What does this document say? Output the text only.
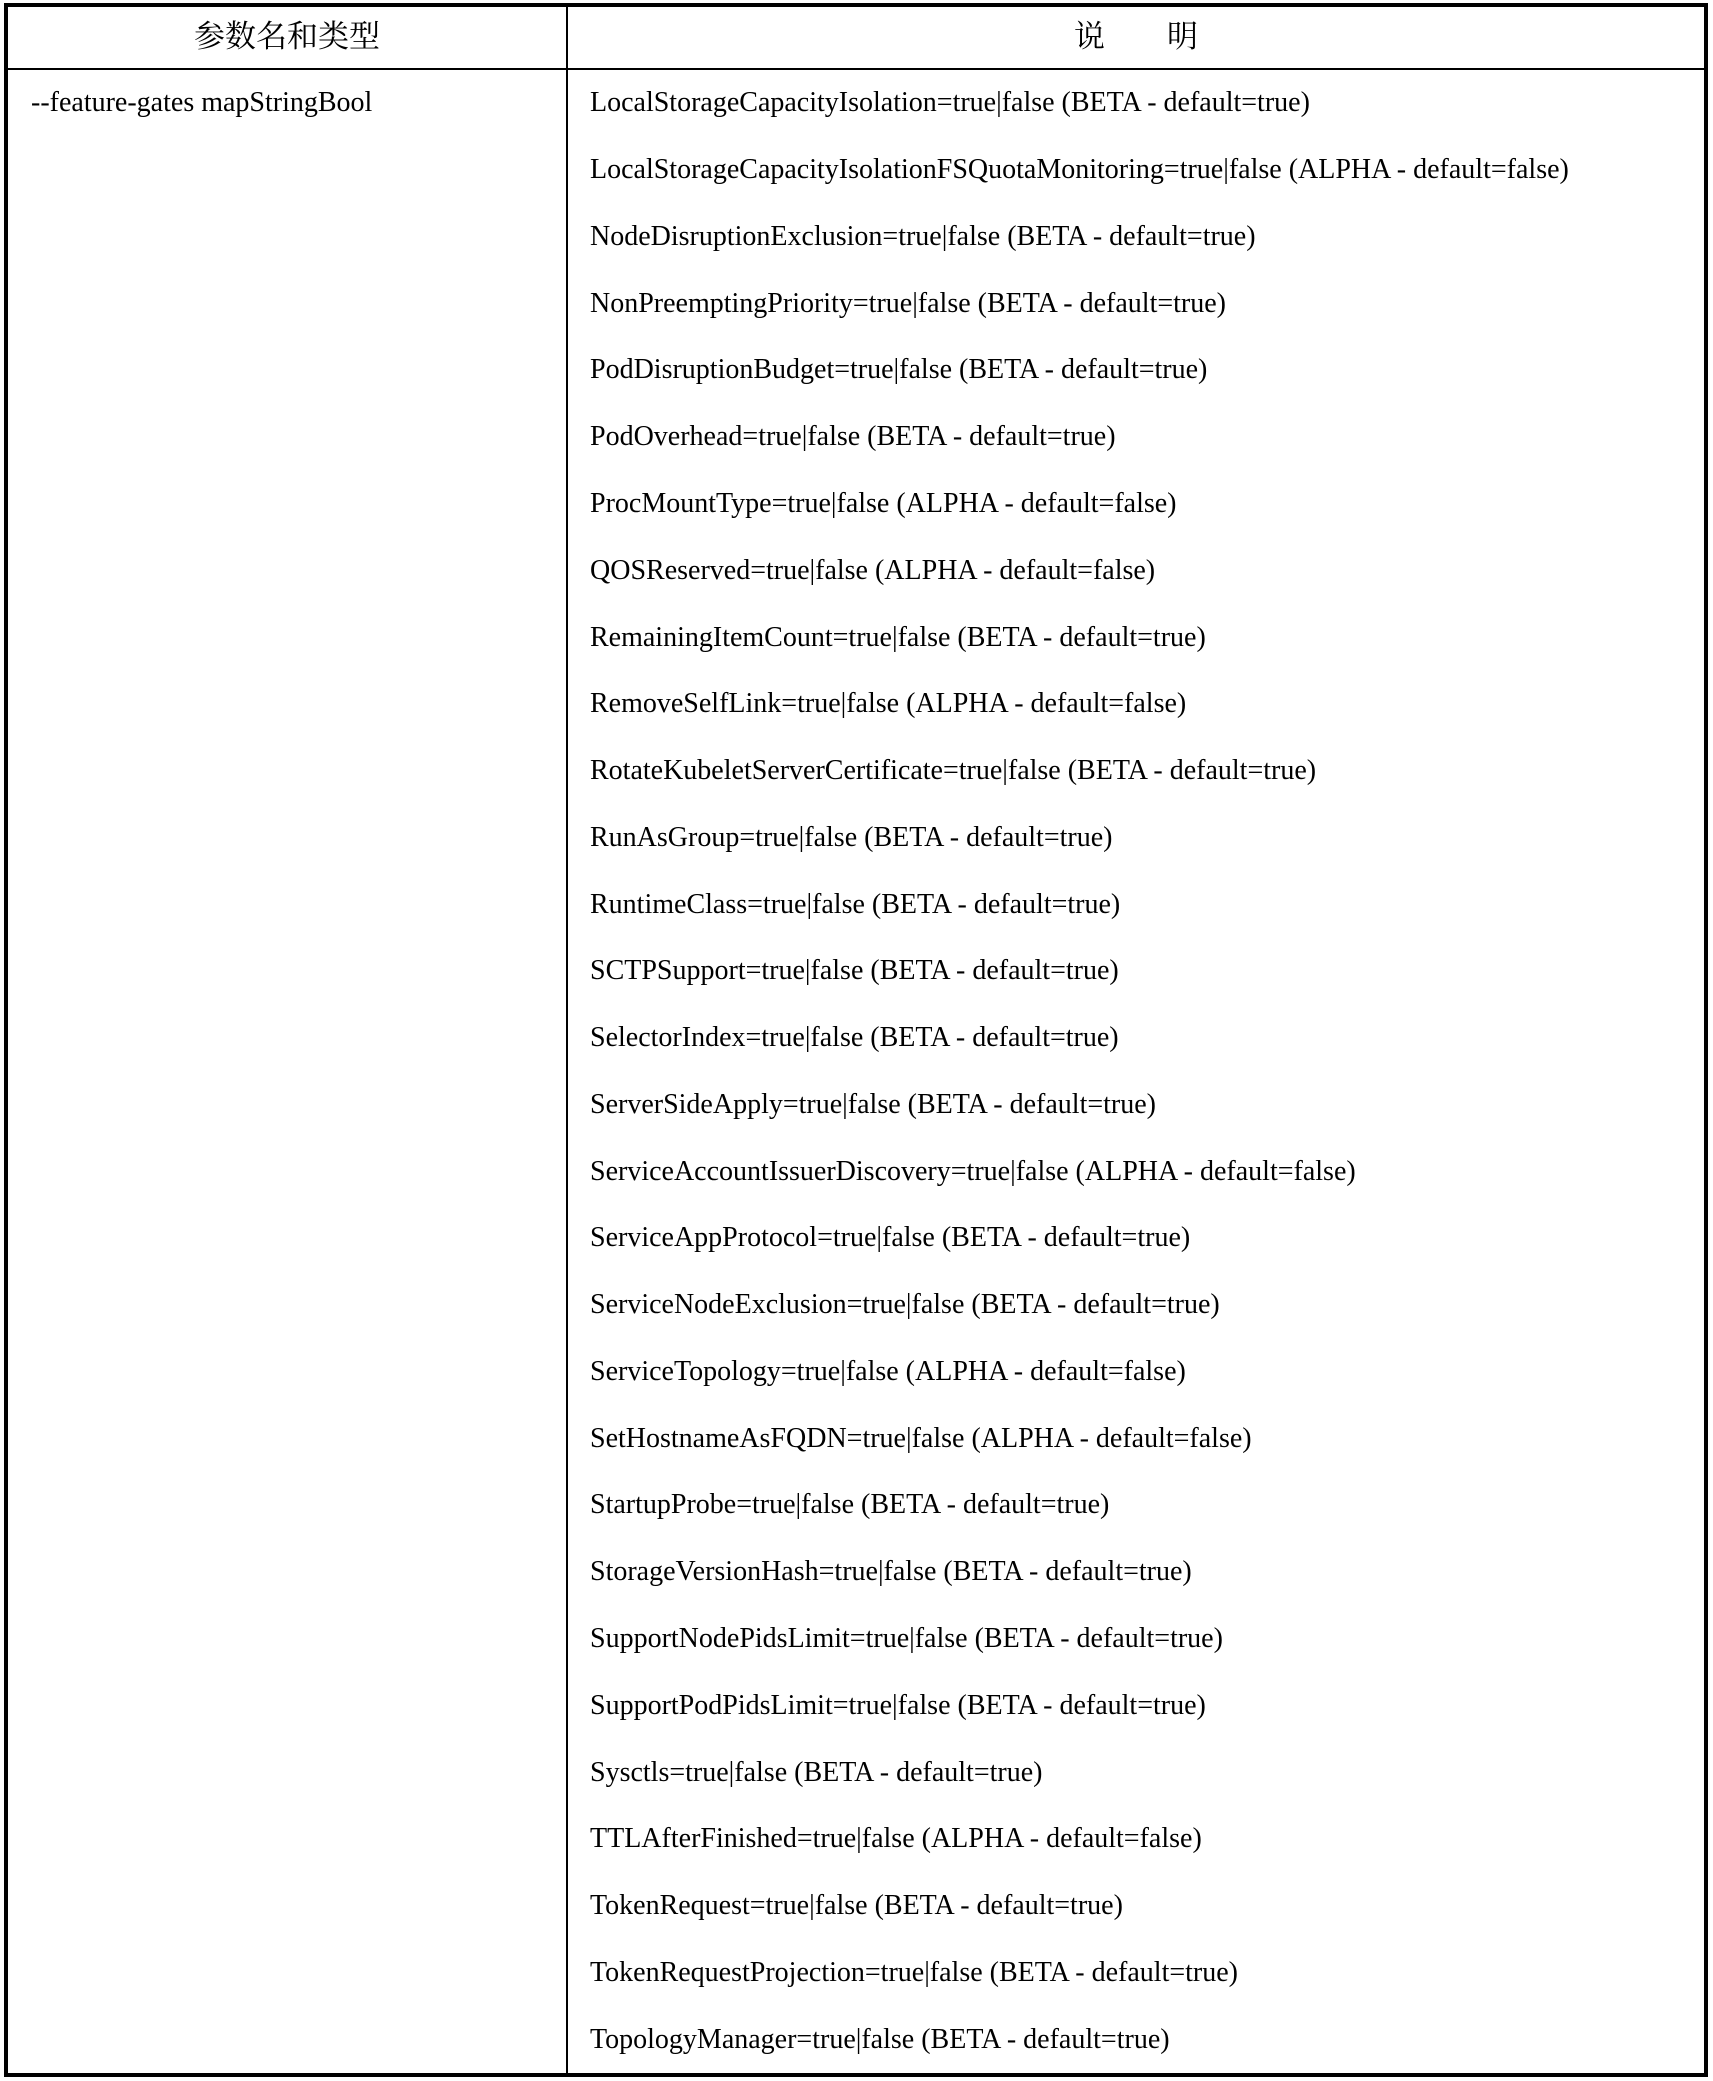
参数名和类型	说　　明
--feature-gates mapStringBool	LocalStorageCapacityIsolation=true|false (BETA - default=true)
LocalStorageCapacityIsolationFSQuotaMonitoring=true|false (ALPHA - default=false)
NodeDisruptionExclusion=true|false (BETA - default=true)
NonPreemptingPriority=true|false (BETA - default=true)
PodDisruptionBudget=true|false (BETA - default=true)
PodOverhead=true|false (BETA - default=true)
ProcMountType=true|false (ALPHA - default=false)
QOSReserved=true|false (ALPHA - default=false)
RemainingItemCount=true|false (BETA - default=true)
RemoveSelfLink=true|false (ALPHA - default=false)
RotateKubeletServerCertificate=true|false (BETA - default=true)
RunAsGroup=true|false (BETA - default=true)
RuntimeClass=true|false (BETA - default=true)
SCTPSupport=true|false (BETA - default=true)
SelectorIndex=true|false (BETA - default=true)
ServerSideApply=true|false (BETA - default=true)
ServiceAccountIssuerDiscovery=true|false (ALPHA - default=false)
ServiceAppProtocol=true|false (BETA - default=true)
ServiceNodeExclusion=true|false (BETA - default=true)
ServiceTopology=true|false (ALPHA - default=false)
SetHostnameAsFQDN=true|false (ALPHA - default=false)
StartupProbe=true|false (BETA - default=true)
StorageVersionHash=true|false (BETA - default=true)
SupportNodePidsLimit=true|false (BETA - default=true)
SupportPodPidsLimit=true|false (BETA - default=true)
Sysctls=true|false (BETA - default=true)
TTLAfterFinished=true|false (ALPHA - default=false)
TokenRequest=true|false (BETA - default=true)
TokenRequestProjection=true|false (BETA - default=true)
TopologyManager=true|false (BETA - default=true)
